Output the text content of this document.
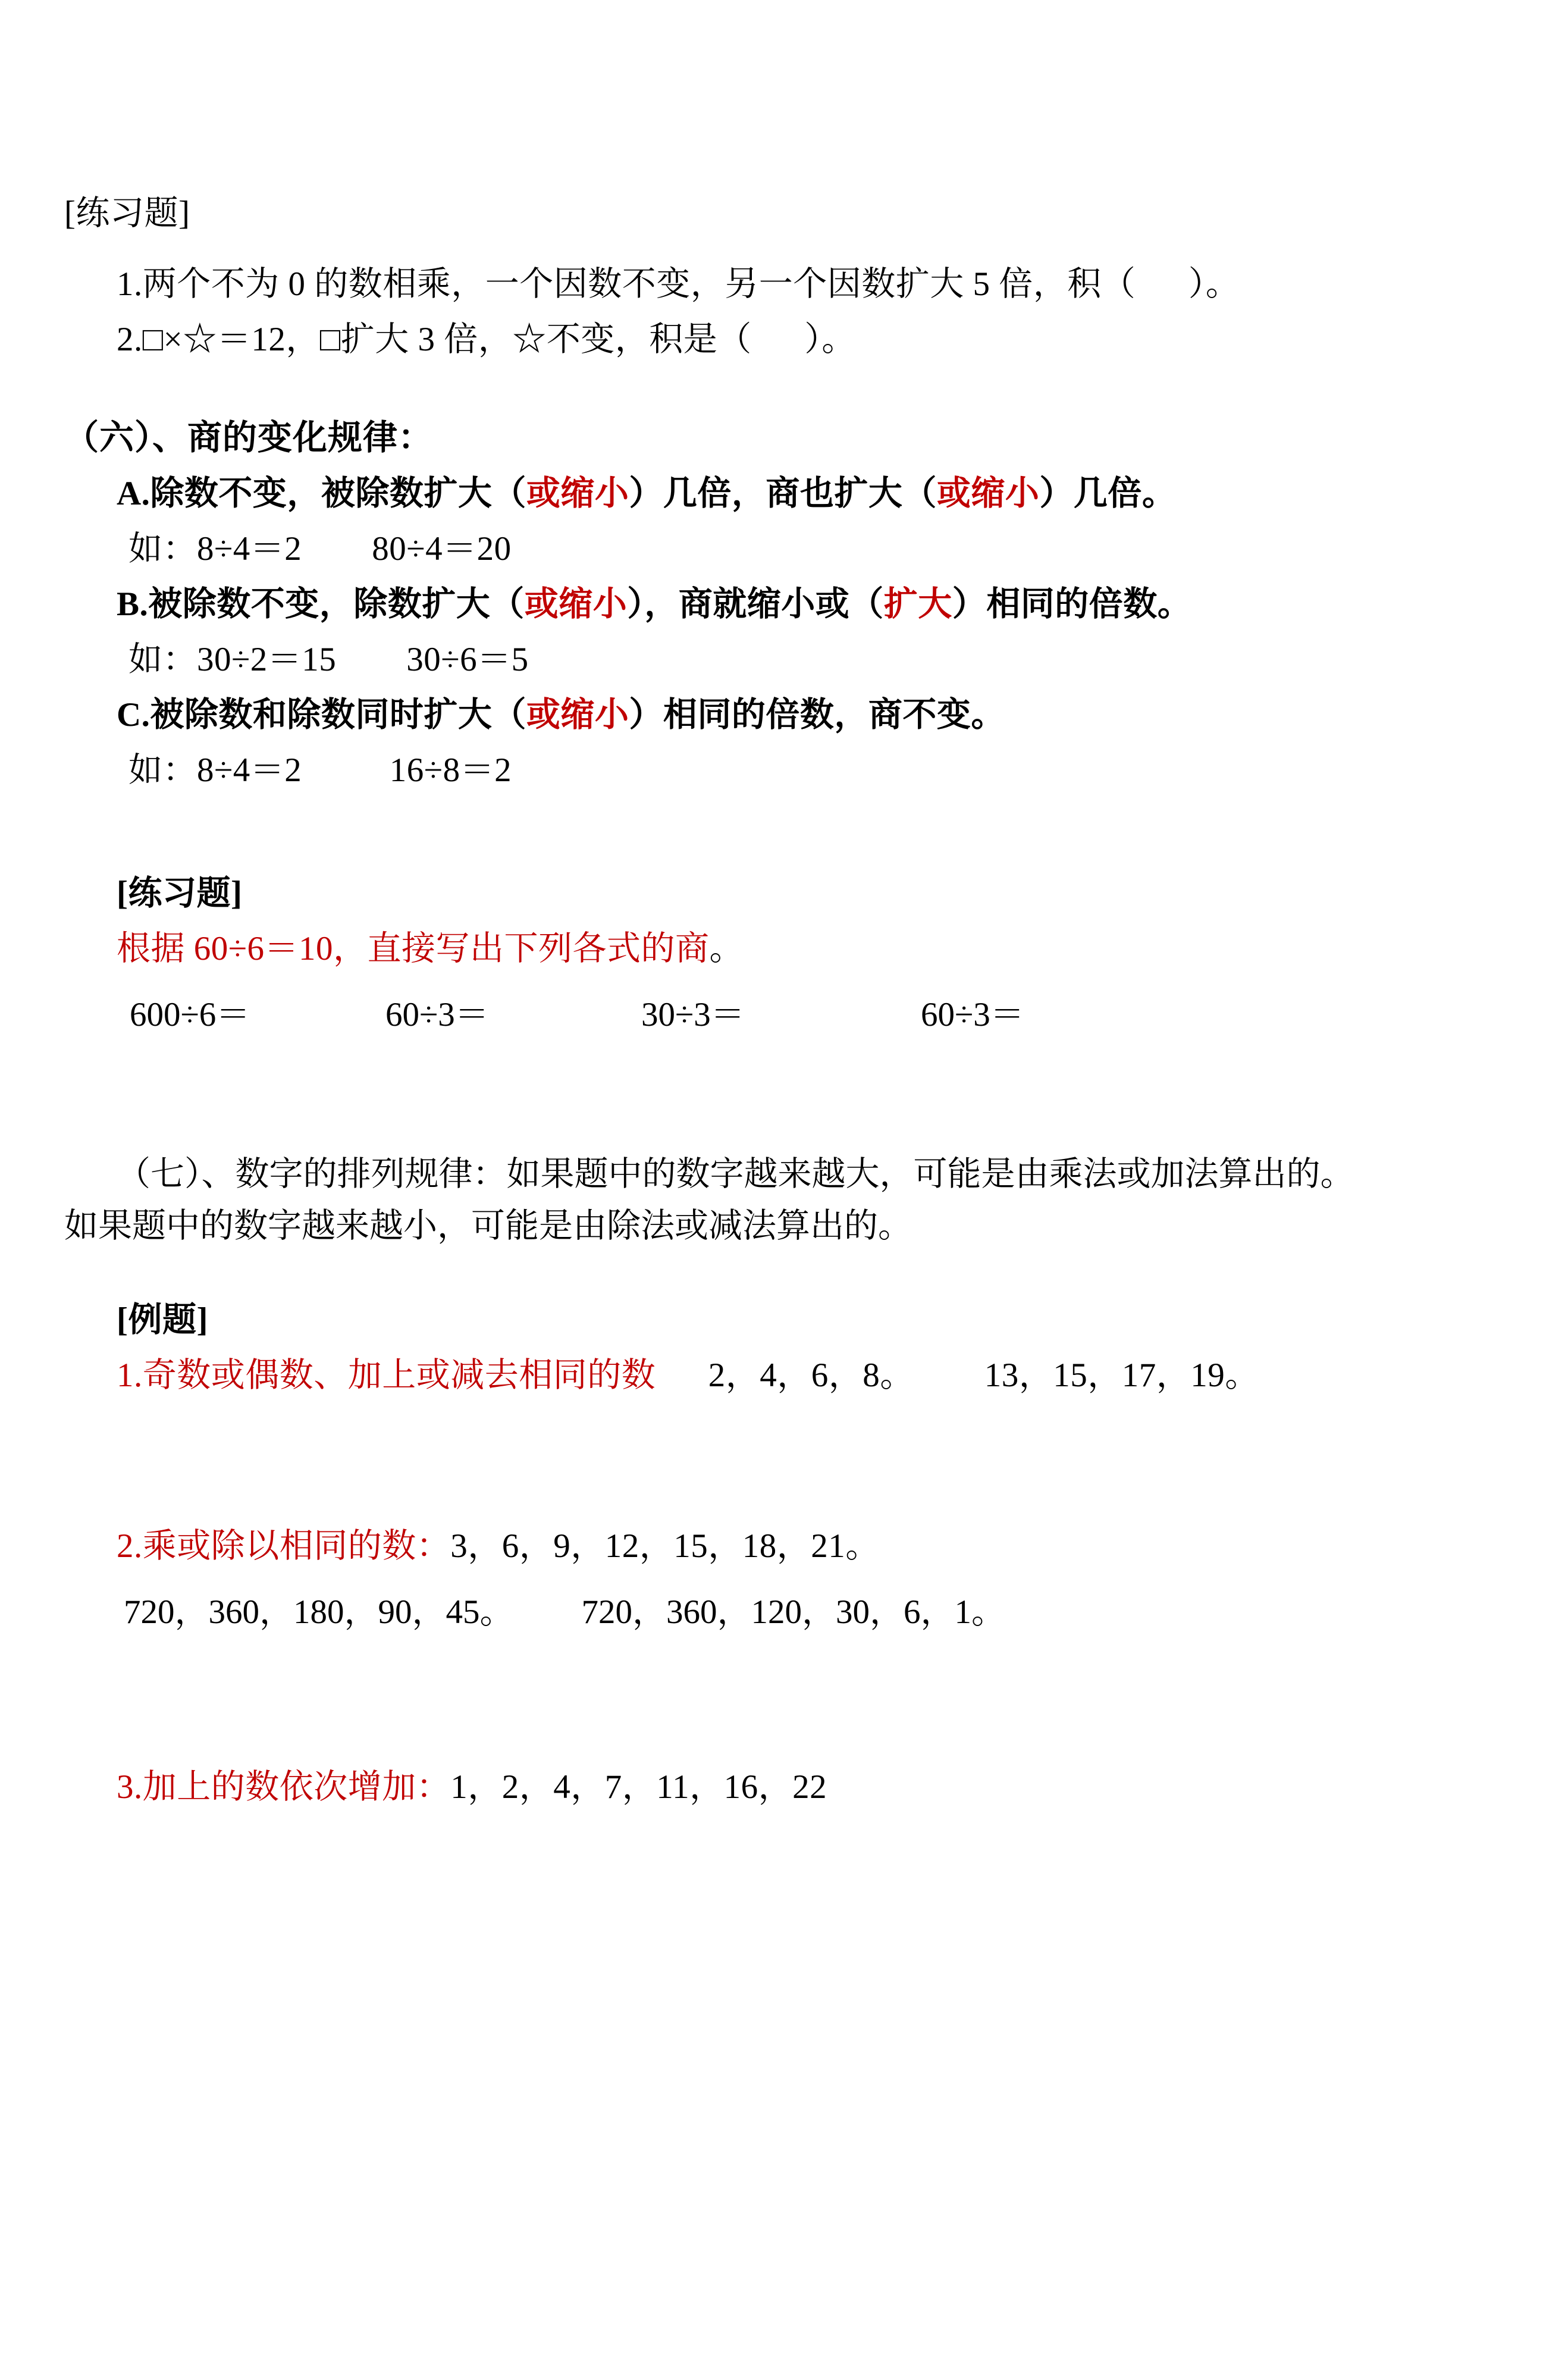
[练习题]
1.两个不为 0 的数相乘，一个因数不变，另一个因数扩大 5 倍，积（      ）。
2.□×☆＝12，□扩大 3 倍，☆不变，积是（      ）。
（六）、商的变化规律：
A.除数不变，被除数扩大（或缩小）几倍，商也扩大（或缩小）几倍。
如：8÷4＝2        80÷4＝20
B.被除数不变，除数扩大（或缩小），商就缩小或（扩大）相同的倍数。
如：30÷2＝15        30÷6＝5
C.被除数和除数同时扩大（或缩小）相同的倍数，商不变。
如：8÷4＝2          16÷8＝2
[练习题]
根据 60÷6＝10，直接写出下列各式的商。
600÷6＝	60÷3＝	30÷3＝	60÷3＝
（七）、数字的排列规律：如果题中的数字越来越大，可能是由乘法或加法算出的。
如果题中的数字越来越小，可能是由除法或减法算出的。
[例题]
1.奇数或偶数、加上或减去相同的数 2，4，6，8。 13，15，17，19。
2.乘或除以相同的数：3，6，9，12，15，18，21。
720，360，180，90，45。 720，360，120，30，6，1。
3.加上的数依次增加：1，2，4，7，11，16，22
